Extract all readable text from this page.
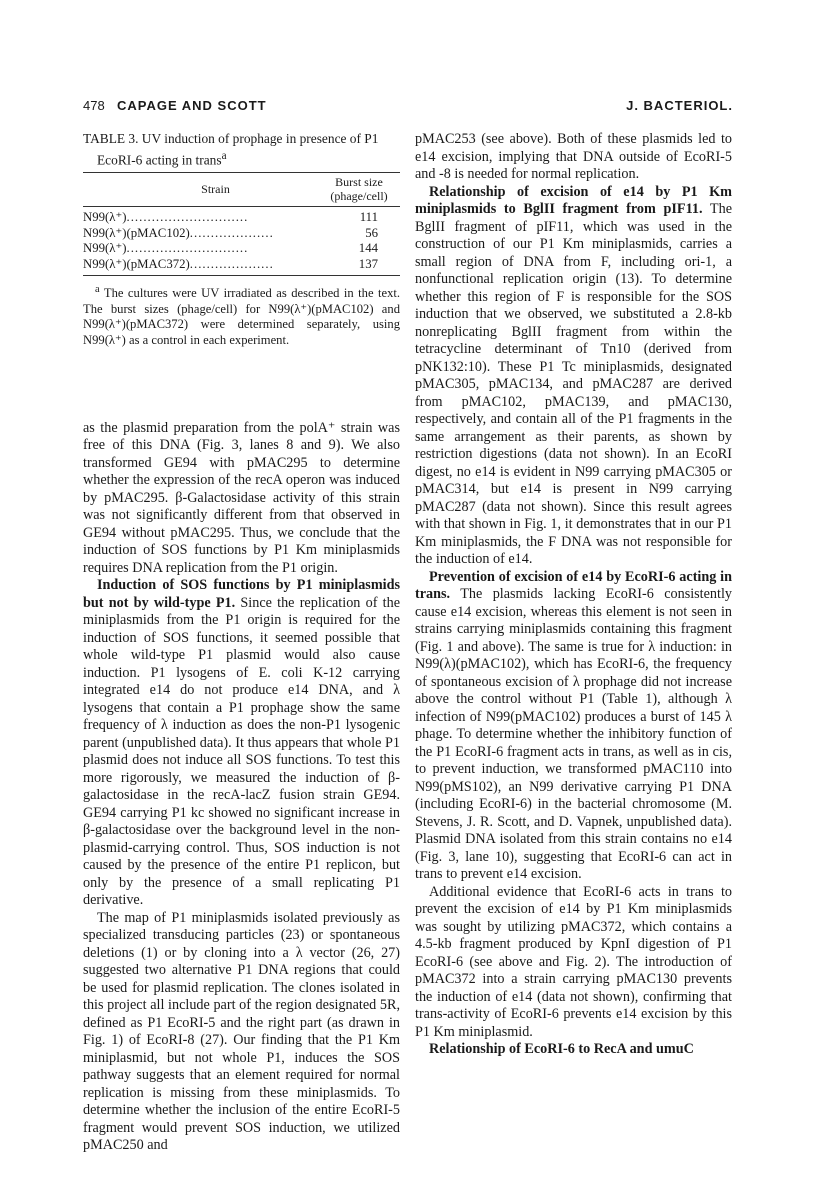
478 CAPAGE AND SCOTT	J. BACTERIOL.

TABLE 3. UV induction of prophage in presence of P1 EcoRI-6 acting in trans$^a$

Strain	Burst size
(phage/cell)

N99(λ⁺).............................	111
N99(λ⁺)(pMAC102)....................	56
N99(λ⁺).............................	144
N99(λ⁺)(pMAC372)....................	137

$^a$ The cultures were UV irradiated as described in the text. The burst sizes (phage/cell) for N99(λ⁺)(pMAC102) and N99(λ⁺)(pMAC372) were determined separately, using N99(λ⁺) as a control in each experiment.

as the plasmid preparation from the polA⁺ strain was free of this DNA (Fig. 3, lanes 8 and 9). We also transformed GE94 with pMAC295 to determine whether the expression of the recA operon was induced by pMAC295. β-Galactosidase activity of this strain was not significantly different from that observed in GE94 without pMAC295. Thus, we conclude that the induction of SOS functions by P1 Km miniplasmids requires DNA replication from the P1 origin.

Induction of SOS functions by P1 miniplasmids but not by wild-type P1. Since the replication of the miniplasmids from the P1 origin is required for the induction of SOS functions, it seemed possible that whole wild-type P1 plasmid would also cause induction. P1 lysogens of E. coli K-12 carrying integrated e14 do not produce e14 DNA, and λ lysogens that contain a P1 prophage show the same frequency of λ induction as does the non-P1 lysogenic parent (unpublished data). It thus appears that whole P1 plasmid does not induce all SOS functions. To test this more rigorously, we measured the induction of β-galactosidase in the recA-lacZ fusion strain GE94. GE94 carrying P1 kc showed no significant increase in β-galactosidase over the background level in the non-plasmid-carrying control. Thus, SOS induction is not caused by the presence of the entire P1 replicon, but only by the presence of a small replicating P1 derivative.

The map of P1 miniplasmids isolated previously as specialized transducing particles (23) or spontaneous deletions (1) or by cloning into a λ vector (26, 27) suggested two alternative P1 DNA regions that could be used for plasmid replication. The clones isolated in this project all include part of the region designated 5R, defined as P1 EcoRI-5 and the right part (as drawn in Fig. 1) of EcoRI-8 (27). Our finding that the P1 Km miniplasmid, but not whole P1, induces the SOS pathway suggests that an element required for normal replication is missing from these miniplasmids. To determine whether the inclusion of the entire EcoRI-5 fragment would prevent SOS induction, we utilized pMAC250 and

pMAC253 (see above). Both of these plasmids led to e14 excision, implying that DNA outside of EcoRI-5 and -8 is needed for normal replication.

Relationship of excision of e14 by P1 Km miniplasmids to BglII fragment from pIF11. The BglII fragment of pIF11, which was used in the construction of our P1 Km miniplasmids, carries a small region of DNA from F, including ori-1, a nonfunctional replication origin (13). To determine whether this region of F is responsible for the SOS induction that we observed, we substituted a 2.8-kb nonreplicating BglII fragment from within the tetracycline determinant of Tn10 (derived from pNK132:10). These P1 Tc miniplasmids, designated pMAC305, pMAC134, and pMAC287 are derived from pMAC102, pMAC139, and pMAC130, respectively, and contain all of the P1 fragments in the same arrangement as their parents, as shown by restriction digestions (data not shown). In an EcoRI digest, no e14 is evident in N99 carrying pMAC305 or pMAC314, but e14 is present in N99 carrying pMAC287 (data not shown). Since this result agrees with that shown in Fig. 1, it demonstrates that in our P1 Km miniplasmids, the F DNA was not responsible for the induction of e14.

Prevention of excision of e14 by EcoRI-6 acting in trans. The plasmids lacking EcoRI-6 consistently cause e14 excision, whereas this element is not seen in strains carrying miniplasmids containing this fragment (Fig. 1 and above). The same is true for λ induction: in N99(λ)(pMAC102), which has EcoRI-6, the frequency of spontaneous excision of λ prophage did not increase above the control without P1 (Table 1), although λ infection of N99(pMAC102) produces a burst of 145 λ phage. To determine whether the inhibitory function of the P1 EcoRI-6 fragment acts in trans, as well as in cis, to prevent induction, we transformed pMAC110 into N99(pMS102), an N99 derivative carrying P1 DNA (including EcoRI-6) in the bacterial chromosome (M. Stevens, J. R. Scott, and D. Vapnek, unpublished data). Plasmid DNA isolated from this strain contains no e14 (Fig. 3, lane 10), suggesting that EcoRI-6 can act in trans to prevent e14 excision.

Additional evidence that EcoRI-6 acts in trans to prevent the excision of e14 by P1 Km miniplasmids was sought by utilizing pMAC372, which contains a 4.5-kb fragment produced by KpnI digestion of P1 EcoRI-6 (see above and Fig. 2). The introduction of pMAC372 into a strain carrying pMAC130 prevents the induction of e14 (data not shown), confirming that trans-activity of EcoRI-6 prevents e14 excision by this P1 Km miniplasmid.

Relationship of EcoRI-6 to RecA and umuC
